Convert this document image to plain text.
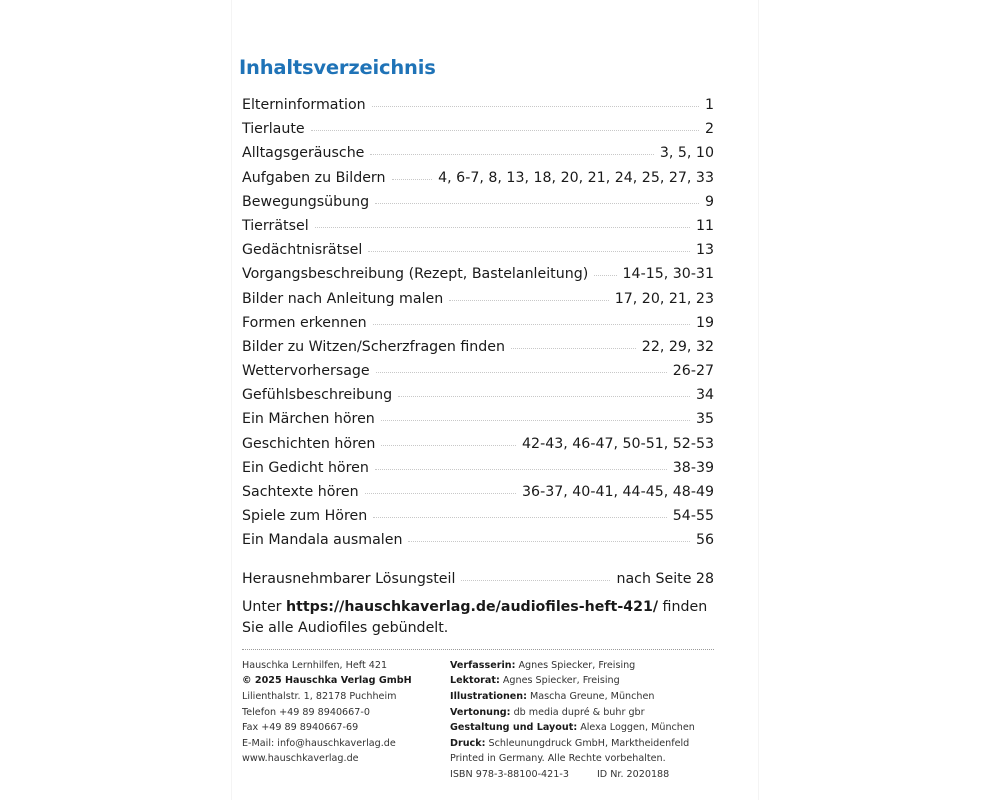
Inhaltsverzeichnis
Elterninformation	1
Tierlaute	2
Alltagsgeräusche	3, 5, 10
Aufgaben zu Bildern	4, 6-7, 8, 13, 18, 20, 21, 24, 25, 27, 33
Bewegungsübung	9
Tierrätsel	11
Gedächtnisrätsel	13
Vorgangsbeschreibung (Rezept, Bastelanleitung) 14-15, 30-31
Bilder nach Anleitung malen	17, 20, 21, 23
Formen erkennen	19
Bilder zu Witzen/Scherzfragen finden	22, 29, 32
Wettervorhersage	26-27
Gefühlsbeschreibung	34
Ein Märchen hören	35
Geschichten hören	42-43, 46-47, 50-51, 52-53
Ein Gedicht hören	38-39
Sachtexte hören	36-37, 40-41, 44-45, 48-49
Spiele zum Hören	54-55
Ein Mandala ausmalen	56
Herausnehmbarer Lösungsteil	nach Seite 28
Unter https://hauschkaverlag.de/audiofiles-heft-421/ finden
Sie alle Audiofiles gebündelt.
Hauschka Lernhilfen, Heft 421
© 2025 Hauschka Verlag GmbH
Lilienthalstr. 1, 82178 Puchheim
Telefon +49 89 8940667-0
Fax +49 89 8940667-69
E-Mail: info@hauschkaverlag.de
www.hauschkaverlag.de
Verfasserin: Agnes Spiecker, Freising
Lektorat: Agnes Spiecker, Freising
Illustrationen: Mascha Greune, München
Vertonung: db media dupré & buhr gbr
Gestaltung und Layout: Alexa Loggen, München
Druck: Schleunungdruck GmbH, Marktheidenfeld
Printed in Germany. Alle Rechte vorbehalten.
ISBN 978-3-88100-421-3	ID Nr. 2020188
